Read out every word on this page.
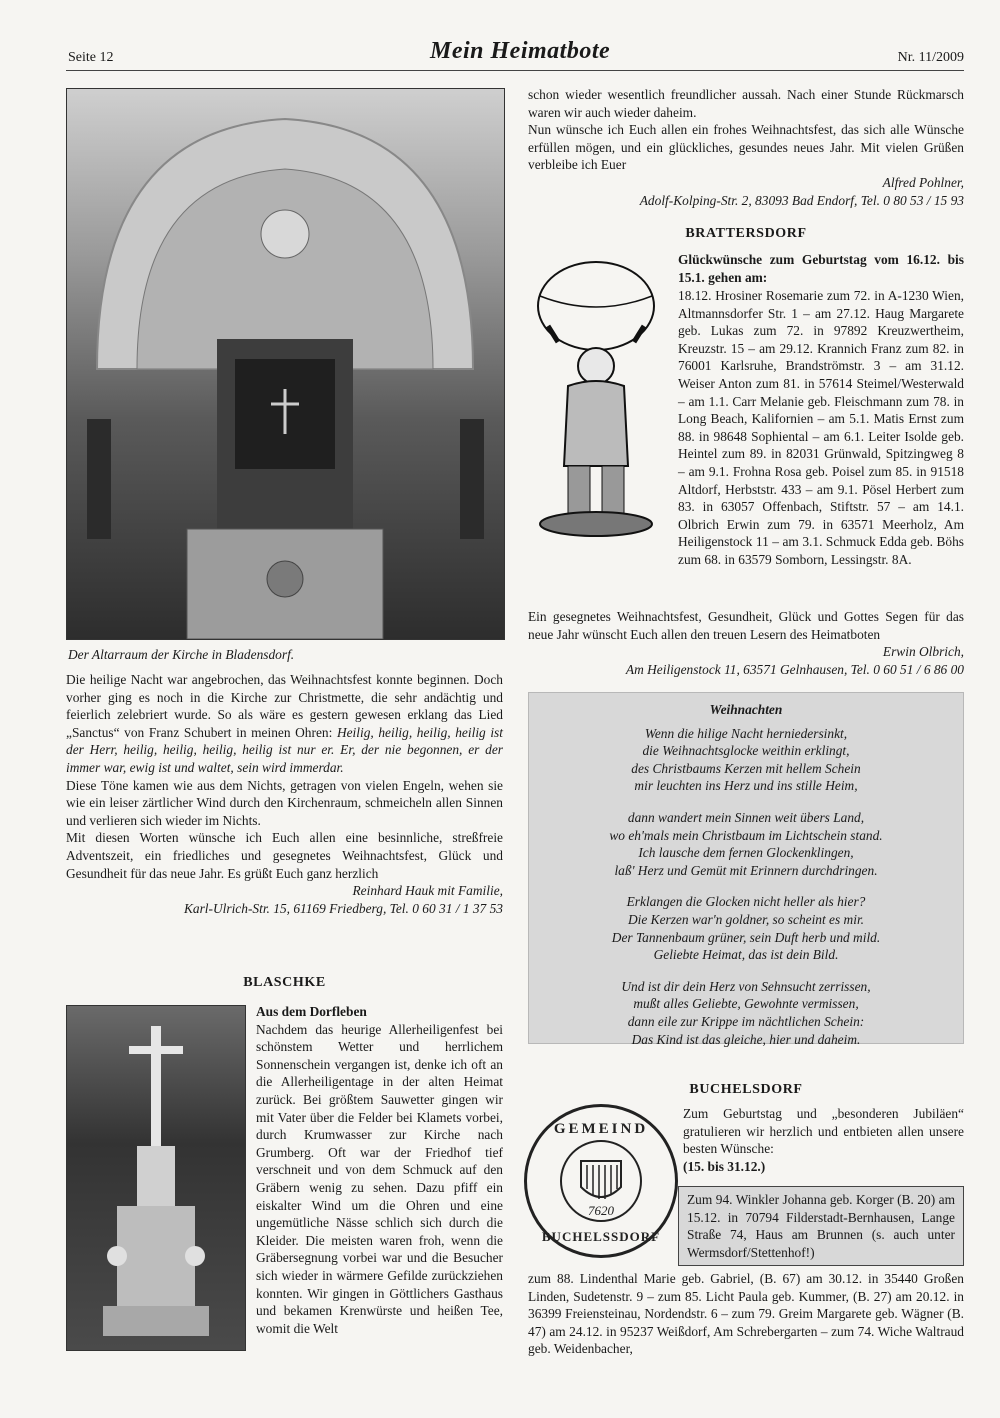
Seite 12	Mein Heimatbote	Nr. 11/2009
Der Altarraum der Kirche in Bladensdorf.

Die heilige Nacht war angebrochen, das Weihnachtsfest konnte beginnen. Doch vorher ging es noch in die Kirche zur Christmette, die sehr andächtig und feierlich zelebriert wurde. So als wäre es gestern gewesen erklang das Lied „Sanctus“ von Franz Schubert in meinen Ohren: Heilig, heilig, heilig, heilig ist der Herr, heilig, heilig, heilig, heilig ist nur er. Er, der nie begonnen, er der immer war, ewig ist und waltet, sein wird immerdar.

Diese Töne kamen wie aus dem Nichts, getragen von vielen Engeln, wehen sie wie ein leiser zärtlicher Wind durch den Kirchenraum, schmeicheln allen Sinnen und verlieren sich wieder im Nichts.

Mit diesen Worten wünsche ich Euch allen eine besinnliche, streßfreie Adventszeit, ein friedliches und gesegnetes Weihnachtsfest, Glück und Gesundheit für das neue Jahr. Es grüßt Euch ganz herzlich

Reinhard Hauk mit Familie,

Karl-Ulrich-Str. 15, 61169 Friedberg, Tel. 0 60 31 / 1 37 53

BLASCHKE

Aus dem Dorfleben

Nachdem das heurige Allerheiligenfest bei schönstem Wetter und herrlichem Sonnenschein vergangen ist, denke ich oft an die Allerheiligentage in der alten Heimat zurück. Bei größtem Sauwetter gingen wir mit Vater über die Felder bei Klamets vorbei, durch Krumwasser zur Kirche nach Grumberg. Oft war der Friedhof tief verschneit und von dem Schmuck auf den Gräbern wenig zu sehen. Dazu pfiff ein eiskalter Wind um die Ohren und eine ungemütliche Nässe schlich sich durch die Kleider. Die meisten waren froh, wenn die Gräbersegnung vorbei war und die Besucher sich wieder in wärmere Gefilde zurückziehen konnten. Wir gingen in Göttlichers Gasthaus und bekamen Krenwürste und heißen Tee, womit die Welt

schon wieder wesentlich freundlicher aussah. Nach einer Stunde Rückmarsch waren wir auch wieder daheim.

Nun wünsche ich Euch allen ein frohes Weihnachtsfest, das sich alle Wünsche erfüllen mögen, und ein glückliches, gesundes neues Jahr. Mit vielen Grüßen verbleibe ich Euer

Alfred Pohlner,

Adolf-Kolping-Str. 2, 83093 Bad Endorf, Tel. 0 80 53 / 15 93

BRATTERSDORF
Glückwünsche zum Geburtstag vom 16.12. bis 15.1. gehen am:

18.12. Hrosiner Rosemarie zum 72. in A-1230 Wien, Altmannsdorfer Str. 1 – am 27.12. Haug Margarete geb. Lukas zum 72. in 97892 Kreuzwertheim, Kreuzstr. 15 – am 29.12. Krannich Franz zum 82. in 76001 Karlsruhe, Brandströmstr. 3 – am 31.12. Weiser Anton zum 81. in 57614 Steimel/Westerwald – am 1.1. Carr Melanie geb. Fleischmann zum 78. in Long Beach, Kalifornien – am 5.1. Matis Ernst zum 88. in 98648 Sophiental – am 6.1. Leiter Isolde geb. Heintel zum 89. in 82031 Grünwald, Spitzingweg 8 – am 9.1. Frohna Rosa geb. Poisel zum 85. in 91518 Altdorf, Herbststr. 433 – am 9.1. Pösel Herbert zum 83. in 63057 Offenbach, Stiftstr. 57 – am 14.1. Olbrich Erwin zum 79. in 63571 Meerholz, Am Heiligenstock 11 – am 3.1. Schmuck Edda geb. Böhs zum 68. in 63579 Somborn, Lessingstr. 8A.

Ein gesegnetes Weihnachtsfest, Gesundheit, Glück und Gottes Segen für das neue Jahr wünscht Euch allen den treuen Lesern des Heimatboten

Erwin Olbrich,

Am Heiligenstock 11, 63571 Gelnhausen, Tel. 0 60 51 / 6 86 00

Weihnachten
Wenn die hilige Nacht herniedersinkt,
die Weihnachtsglocke weithin erklingt,
des Christbaums Kerzen mit hellem Schein
mir leuchten ins Herz und ins stille Heim,
dann wandert mein Sinnen weit übers Land,
wo eh'mals mein Christbaum im Lichtschein stand.
Ich lausche dem fernen Glockenklingen,
laß' Herz und Gemüt mit Erinnern durchdringen.
Erklangen die Glocken nicht heller als hier?
Die Kerzen war'n goldner, so scheint es mir.
Der Tannenbaum grüner, sein Duft herb und mild.
Geliebte Heimat, das ist dein Bild.
Und ist dir dein Herz von Sehnsucht zerrissen,
mußt alles Geliebte, Gewohnte vermissen,
dann eile zur Krippe im nächtlichen Schein:
Das Kind ist das gleiche, hier und daheim.
BUCHELSDORF
7620
GEMEIND
BUCHELSSDORF

Zum Geburtstag und „besonderen Jubiläen“ gratulieren wir herzlich und entbieten allen unsere besten Wünsche:

(15. bis 31.12.)

Zum 94. Winkler Johanna geb. Korger (B. 20) am 15.12. in 70794 Filderstadt-Bernhausen, Lange Straße 74, Haus am Brunnen (s. auch unter Wermsdorf/Stettenhof!)

zum 88. Lindenthal Marie geb. Gabriel, (B. 67) am 30.12. in 35440 Großen Linden, Sudetenstr. 9 – zum 85. Licht Paula geb. Kummer, (B. 27) am 20.12. in 36399 Freiensteinau, Nordendstr. 6 – zum 79. Greim Margarete geb. Wägner (B. 47) am 24.12. in 95237 Weißdorf, Am Schrebergarten – zum 74. Wiche Waltraud geb. Weidenbacher,
